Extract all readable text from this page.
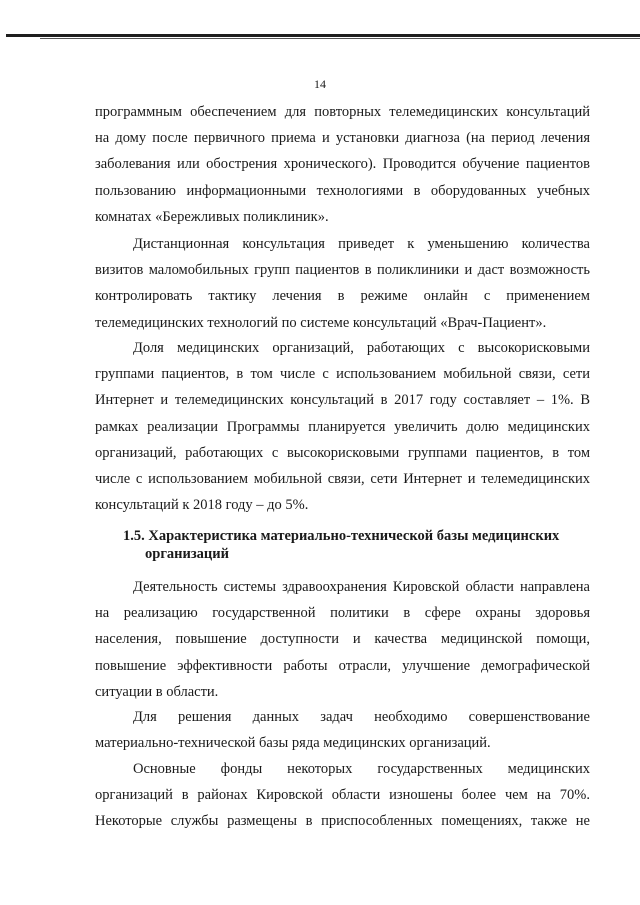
14
программным обеспечением для повторных телемедицинских консультаций
на дому после первичного приема и установки диагноза (на период лечения
заболевания или обострения хронического). Проводится обучение пациентов
пользованию информационными технологиями в оборудованных учебных
комнатах «Бережливых поликлиник».
Дистанционная консультация приведет к уменьшению количества
визитов маломобильных групп пациентов в поликлиники и даст возможность
контролировать тактику лечения в режиме онлайн с применением
телемедицинских технологий по системе консультаций «Врач-Пациент».
Доля медицинских организаций, работающих с высокорисковыми
группами пациентов, в том числе с использованием мобильной связи, сети
Интернет и телемедицинских консультаций в 2017 году составляет – 1%. В
рамках реализации Программы планируется увеличить долю медицинских
организаций, работающих с высокорисковыми группами пациентов, в том
числе с использованием мобильной связи, сети Интернет и телемедицинских
консультаций к 2018 году – до 5%.
1.5. Характеристика материально-технической базы медицинских
организаций
Деятельность системы здравоохранения Кировской области направлена
на реализацию государственной политики в сфере охраны здоровья
населения, повышение доступности и качества медицинской помощи,
повышение эффективности работы отрасли, улучшение демографической
ситуации в области.
Для решения данных задач необходимо совершенствование
материально-технической базы ряда медицинских организаций.
Основные фонды некоторых государственных медицинских
организаций в районах Кировской области изношены более чем на 70%.
Некоторые службы размещены в приспособленных помещениях, также не
